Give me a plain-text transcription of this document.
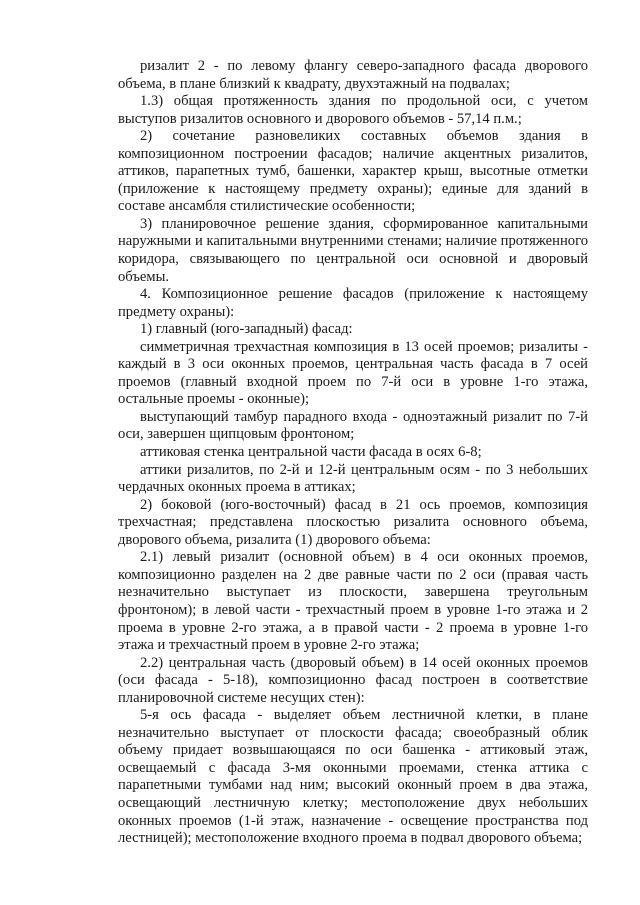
ризалит 2 - по левому флангу северо-западного фасада дворового объема, в плане близкий к квадрату, двухэтажный на подвалах;

1.3) общая протяженность здания по продольной оси, с учетом выступов ризалитов основного и дворового объемов - 57,14 п.м.;

2) сочетание разновеликих составных объемов здания в композиционном построении фасадов; наличие акцентных ризалитов, аттиков, парапетных тумб, башенки, характер крыш, высотные отметки (приложение к настоящему предмету охраны); единые для зданий в составе ансамбля стилистические особенности;

3) планировочное решение здания, сформированное капитальными наружными и капитальными внутренними стенами; наличие протяженного коридора, связывающего по центральной оси основной и дворовый объемы.

4. Композиционное решение фасадов (приложение к настоящему предмету охраны):

1) главный (юго-западный) фасад:

симметричная трехчастная композиция в 13 осей проемов; ризалиты - каждый в 3 оси оконных проемов, центральная часть фасада в 7 осей проемов (главный входной проем по 7-й оси в уровне 1-го этажа, остальные проемы - оконные);

выступающий тамбур парадного входа - одноэтажный ризалит по 7-й оси, завершен щипцовым фронтоном;

аттиковая стенка центральной части фасада в осях 6-8;

аттики ризалитов, по 2-й и 12-й центральным осям - по 3 небольших чердачных оконных проема в аттиках;

2) боковой (юго-восточный) фасад в 21 ось проемов, композиция трехчастная; представлена плоскостью ризалита основного объема, дворового объема, ризалита (1) дворового объема:

2.1) левый ризалит (основной объем) в 4 оси оконных проемов, композиционно разделен на 2 две равные части по 2 оси (правая часть незначительно выступает из плоскости, завершена треугольным фронтоном); в левой части - трехчастный проем в уровне 1-го этажа и 2 проема в уровне 2-го этажа, а в правой части - 2 проема в уровне 1-го этажа и трехчастный проем в уровне 2-го этажа;

2.2) центральная часть (дворовый объем) в 14 осей оконных проемов (оси фасада - 5-18), композиционно фасад построен в соответствие планировочной системе несущих стен):

5-я ось фасада - выделяет объем лестничной клетки, в плане незначительно выступает от плоскости фасада; своеобразный облик объему придает возвышающаяся по оси башенка - аттиковый этаж, освещаемый с фасада 3-мя оконными проемами, стенка аттика с парапетными тумбами над ним; высокий оконный проем в два этажа, освещающий лестничную клетку; местоположение двух небольших оконных проемов (1-й этаж, назначение - освещение пространства под лестницей); местоположение входного проема в подвал дворового объема;
